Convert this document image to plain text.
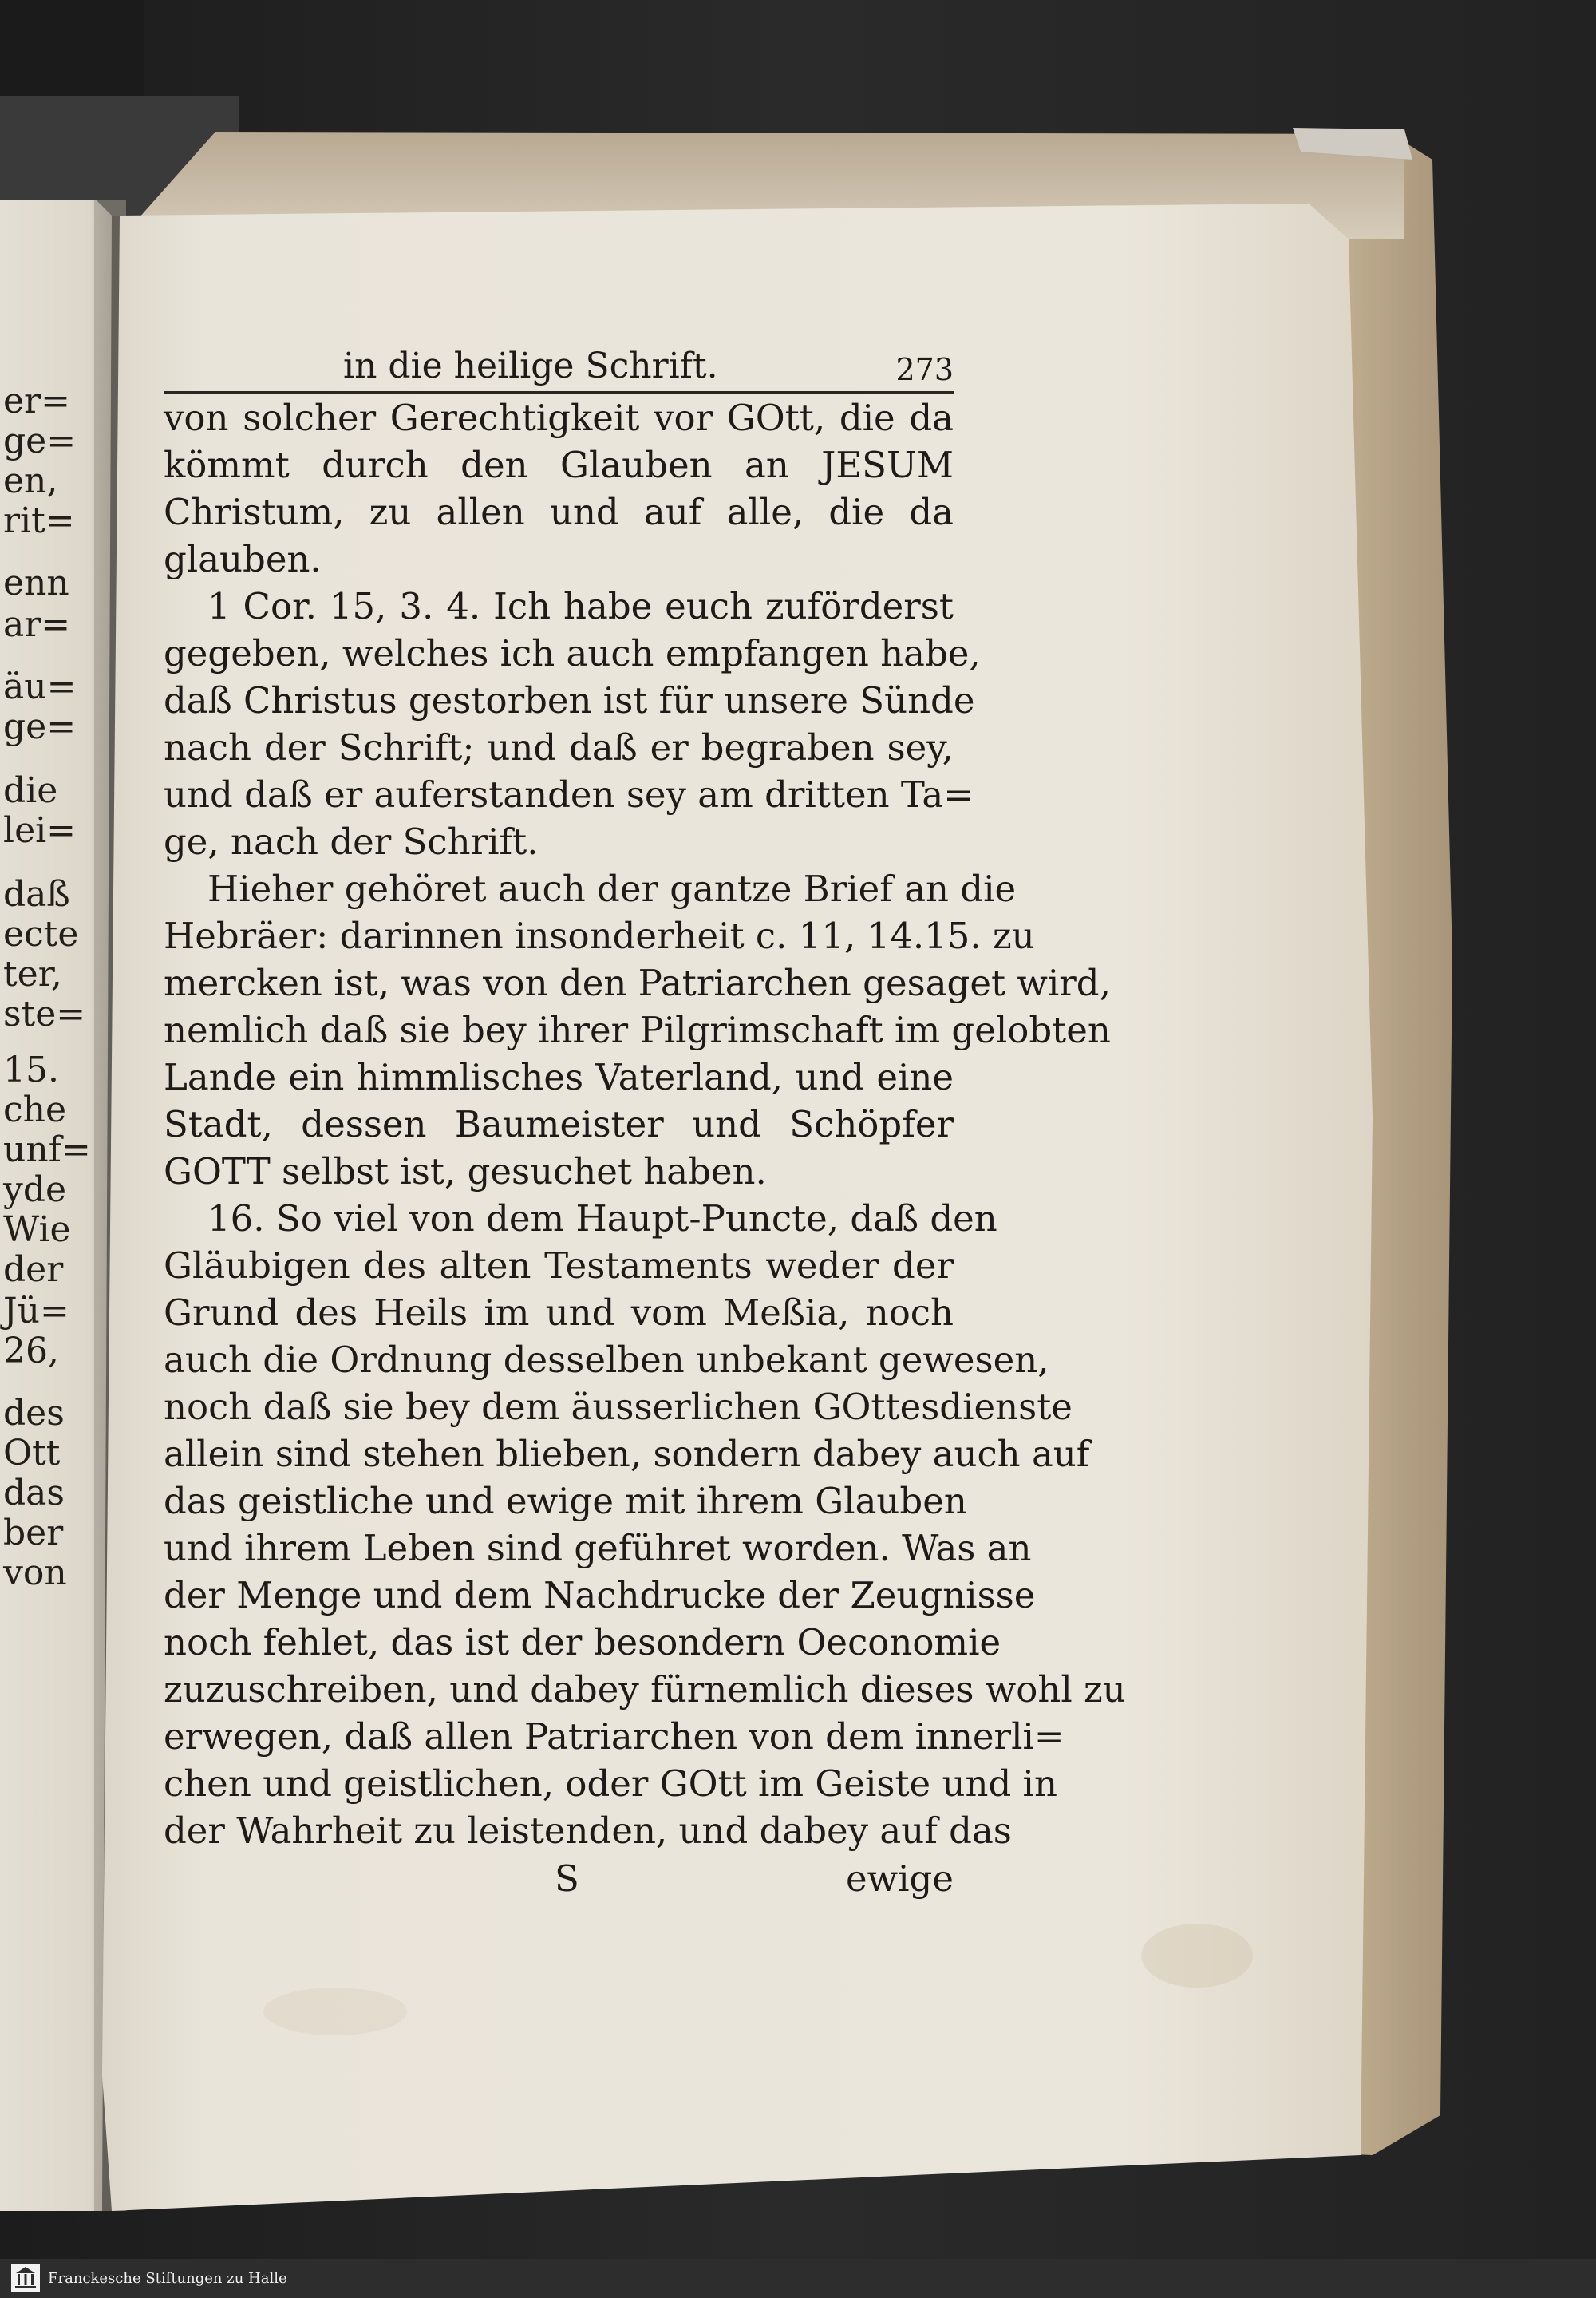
er=
ge=
en,
rit=
enn
ar=
äu=
ge=
die
lei=
daß
ecte
ter,
ste=
15.
che
unf=
yde
Wie
der
Jü=
26,
des
Ott
das
ber
von
in die heilige Schrift.	273
von solcher Gerechtigkeit vor GOtt, die da
kömmt durch den Glauben an JESUM
Christum, zu allen und auf alle, die da
glauben.
1 Cor. 15, 3. 4. Ich habe euch zuförderst
gegeben, welches ich auch empfangen habe,
daß Christus gestorben ist für unsere Sünde
nach der Schrift; und daß er begraben sey,
und daß er auferstanden sey am dritten Ta=
ge, nach der Schrift.
Hieher gehöret auch der gantze Brief an die
Hebräer: darinnen insonderheit c. 11, 14.15. zu
mercken ist, was von den Patriarchen gesaget wird,
nemlich daß sie bey ihrer Pilgrimschaft im gelobten
Lande ein himmlisches Vaterland, und eine
Stadt, dessen Baumeister und Schöpfer
GOTT selbst ist, gesuchet haben.
16. So viel von dem Haupt-Puncte, daß den
Gläubigen des alten Testaments weder der
Grund des Heils im und vom Meßia, noch
auch die Ordnung desselben unbekant gewesen,
noch daß sie bey dem äusserlichen GOttesdienste
allein sind stehen blieben, sondern dabey auch auf
das geistliche und ewige mit ihrem Glauben
und ihrem Leben sind geführet worden. Was an
der Menge und dem Nachdrucke der Zeugnisse
noch fehlet, das ist der besondern Oeconomie
zuzuschreiben, und dabey fürnemlich dieses wohl zu
erwegen, daß allen Patriarchen von dem innerli=
chen und geistlichen, oder GOtt im Geiste und in
der Wahrheit zu leistenden, und dabey auf das
S	ewige
Franckesche Stiftungen zu Halle
